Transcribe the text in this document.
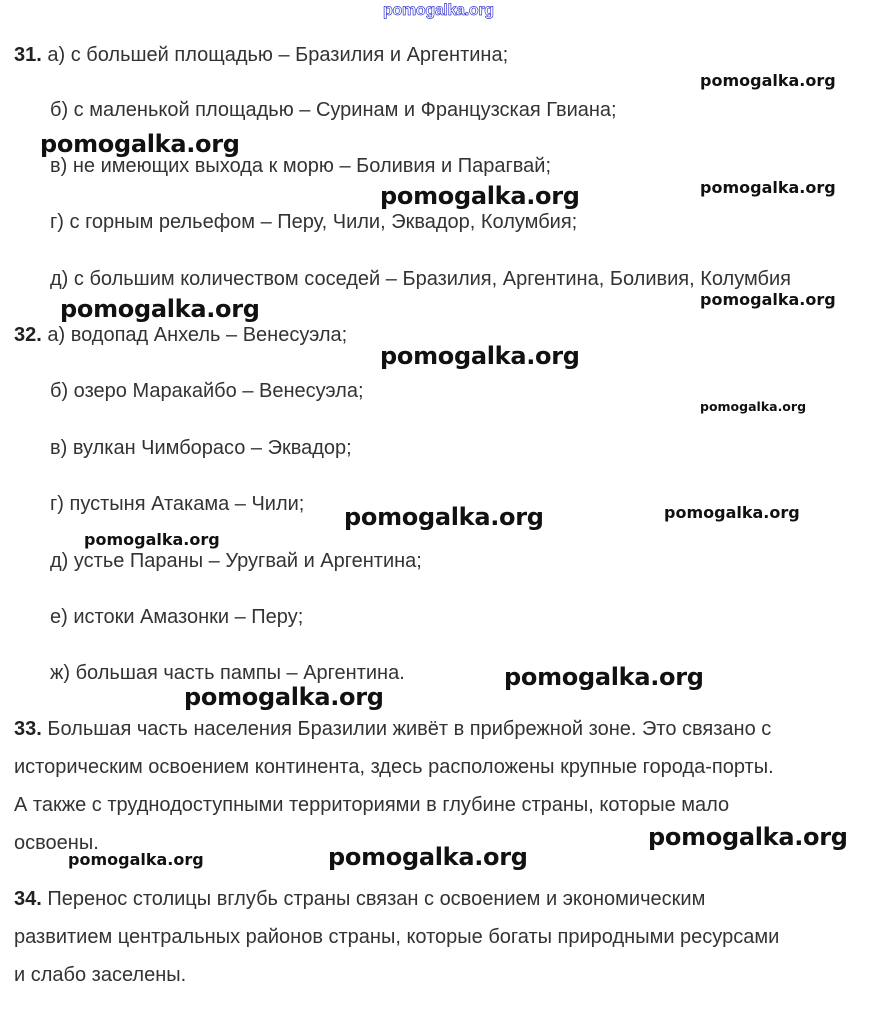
pomogalka.org
31. а) с большей площадью – Бразилия и Аргентина;
б) с маленькой площадью – Суринам и Французская Гвиана;
в) не имеющих выхода к морю – Боливия и Парагвай;
г) с горным рельефом – Перу, Чили, Эквадор, Колумбия;
д) с большим количеством соседей – Бразилия, Аргентина, Боливия, Колумбия
32. а) водопад Анхель – Венесуэла;
б) озеро Маракайбо – Венесуэла;
в) вулкан Чимборасо – Эквадор;
г) пустыня Атакама – Чили;
д) устье Параны – Уругвай и Аргентина;
е) истоки Амазонки – Перу;
ж) большая часть пампы – Аргентина.
33. Большая часть населения Бразилии живёт в прибрежной зоне. Это связано с
историческим освоением континента, здесь расположены крупные города-порты.
А также с труднодоступными территориями в глубине страны, которые мало
освоены.
34. Перенос столицы вглубь страны связан с освоением и экономическим
развитием центральных районов страны, которые богаты природными ресурсами
и слабо заселены.
pomogalka.org
pomogalka.org
pomogalka.org	pomogalka.org
pomogalka.org	pomogalka.org
pomogalka.org
pomogalka.org
pomogalka.org	pomogalka.org
pomogalka.org
pomogalka.org
pomogalka.org
pomogalka.org
pomogalka.org
pomogalka.org
